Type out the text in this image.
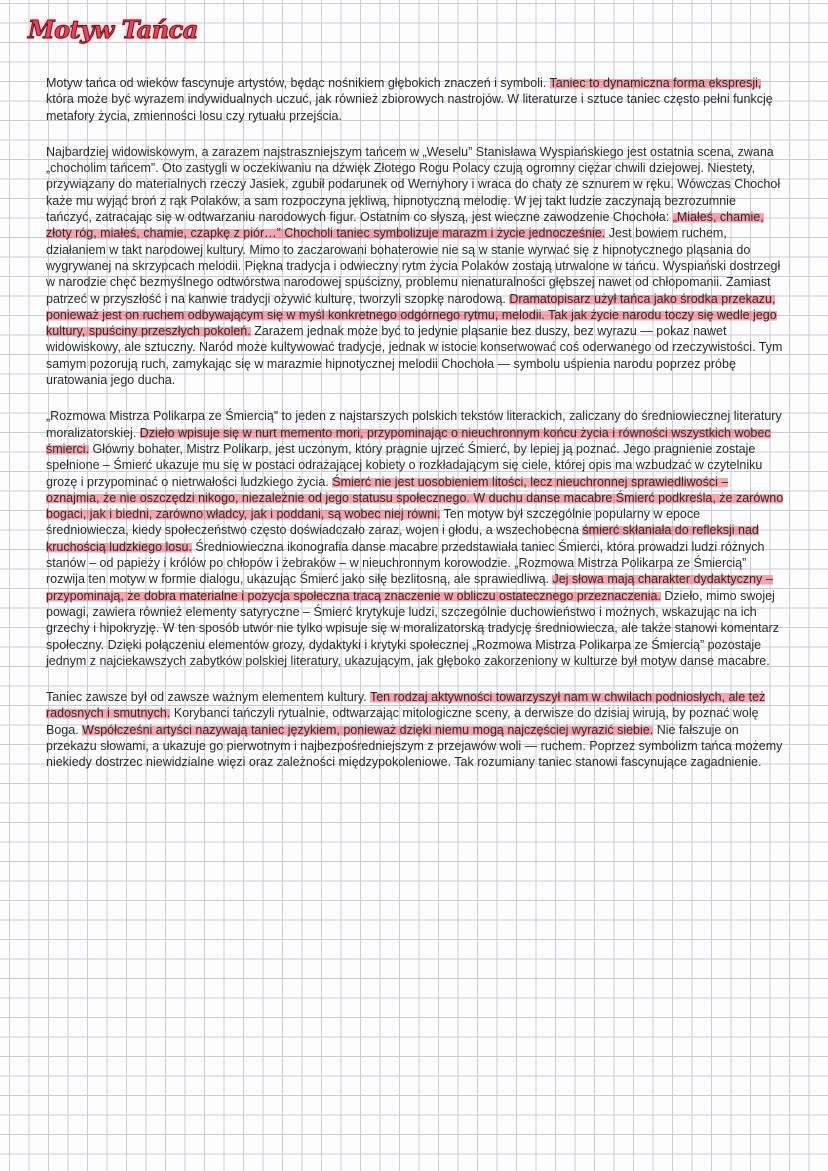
Motyw Tańca

Motyw tańca od wieków fascynuje artystów, będąc nośnikiem głębokich znaczeń i symboli. Taniec to dynamiczna forma ekspresji, która może być wyrazem indywidualnych uczuć, jak również zbiorowych nastrojów. W literaturze i sztuce taniec często pełni funkcję metafory życia, zmienności losu czy rytuału przejścia.

Najbardziej widowiskowym, a zarazem najstraszniejszym tańcem w „Weselu” Stanisława Wyspiańskiego jest ostatnia scena, zwana „chocholim tańcem”. Oto zastygli w oczekiwaniu na dźwięk Złotego Rogu Polacy czują ogromny ciężar chwili dziejowej. Niestety, przywiązany do materialnych rzeczy Jasiek, zgubił podarunek od Wernyhory i wraca do chaty ze sznurem w ręku. Wówczas Chochoł każe mu wyjąć broń z rąk Polaków, a sam rozpoczyna jękliwą, hipnotyczną melodię. W jej takt ludzie zaczynają bezrozumnie tańczyć, zatracając się w odtwarzaniu narodowych figur. Ostatnim co słyszą, jest wieczne zawodzenie Chochoła: „Miałeś, chamie, złoty róg, miałeś, chamie, czapkę z piór…” Chocholi taniec symbolizuje marazm i życie jednocześnie. Jest bowiem ruchem, działaniem w takt narodowej kultury. Mimo to zaczarowani bohaterowie nie są w stanie wyrwać się z hipnotycznego pląsania do wygrywanej na skrzypcach melodii. Piękna tradycja i odwieczny rytm życia Polaków zostają utrwalone w tańcu. Wyspiański dostrzegł w narodzie chęć bezmyślnego odtwórstwa narodowej spuścizny, problemu nienaturalności głębszej nawet od chłopomanii. Zamiast patrzeć w przyszłość i na kanwie tradycji ożywić kulturę, tworzyli szopkę narodową. Dramatopisarz użył tańca jako środka przekazu, ponieważ jest on ruchem odbywającym się w myśl konkretnego odgórnego rytmu, melodii. Tak jak życie narodu toczy się wedle jego kultury, spuściny przeszłych pokoleń. Zarazem jednak może być to jedynie pląsanie bez duszy, bez wyrazu — pokaz nawet widowiskowy, ale sztuczny. Naród może kultywować tradycje, jednak w istocie konserwować coś oderwanego od rzeczywistości. Tym samym pozorują ruch, zamykając się w marazmie hipnotycznej melodii Chochoła — symbolu uśpienia narodu poprzez próbę uratowania jego ducha.

„Rozmowa Mistrza Polikarpa ze Śmiercią” to jeden z najstarszych polskich tekstów literackich, zaliczany do średniowiecznej literatury moralizatorskiej. Dzieło wpisuje się w nurt memento mori, przypominając o nieuchronnym końcu życia i równości wszystkich wobec śmierci. Główny bohater, Mistrz Polikarp, jest uczonym, który pragnie ujrzeć Śmierć, by lepiej ją poznać. Jego pragnienie zostaje spełnione – Śmierć ukazuje mu się w postaci odrażającej kobiety o rozkładającym się ciele, której opis ma wzbudzać w czytelniku grozę i przypominać o nietrwałości ludzkiego życia. Śmierć nie jest uosobieniem litości, lecz nieuchronnej sprawiedliwości – oznajmia, że nie oszczędzi nikogo, niezależnie od jego statusu społecznego. W duchu danse macabre Śmierć podkreśla, że zarówno bogaci, jak i biedni, zarówno władcy, jak i poddani, są wobec niej równi. Ten motyw był szczególnie popularny w epoce średniowiecza, kiedy społeczeństwo często doświadczało zaraz, wojen i głodu, a wszechobecna śmierć skłaniała do refleksji nad kruchością ludzkiego losu. Średniowieczna ikonografia danse macabre przedstawiała taniec Śmierci, która prowadzi ludzi różnych stanów – od papieży i królów po chłopów i żebraków – w nieuchronnym korowodzie. „Rozmowa Mistrza Polikarpa ze Śmiercią” rozwija ten motyw w formie dialogu, ukazując Śmierć jako siłę bezlitosną, ale sprawiedliwą. Jej słowa mają charakter dydaktyczny – przypominają, że dobra materialne i pozycja społeczna tracą znaczenie w obliczu ostatecznego przeznaczenia. Dzieło, mimo swojej powagi, zawiera również elementy satyryczne – Śmierć krytykuje ludzi, szczególnie duchowieństwo i możnych, wskazując na ich grzechy i hipokryzję. W ten sposób utwór nie tylko wpisuje się w moralizatorską tradycję średniowiecza, ale także stanowi komentarz społeczny. Dzięki połączeniu elementów grozy, dydaktyki i krytyki społecznej „Rozmowa Mistrza Polikarpa ze Śmiercią” pozostaje jednym z najciekawszych zabytków polskiej literatury, ukazującym, jak głęboko zakorzeniony w kulturze był motyw danse macabre.

Taniec zawsze był od zawsze ważnym elementem kultury. Ten rodzaj aktywności towarzyszył nam w chwilach podniosłych, ale też radosnych i smutnych. Korybanci tańczyli rytualnie, odtwarzając mitologiczne sceny, a derwisze do dzisiaj wirują, by poznać wolę Boga. Współcześni artyści nazywają taniec językiem, ponieważ dzięki niemu mogą najczęściej wyrazić siebie. Nie fałszuje on przekazu słowami, a ukazuje go pierwotnym i najbezpośredniejszym z przejawów woli — ruchem. Poprzez symbolizm tańca możemy niekiedy dostrzec niewidzialne więzi oraz zależności międzypokoleniowe. Tak rozumiany taniec stanowi fascynujące zagadnienie.
